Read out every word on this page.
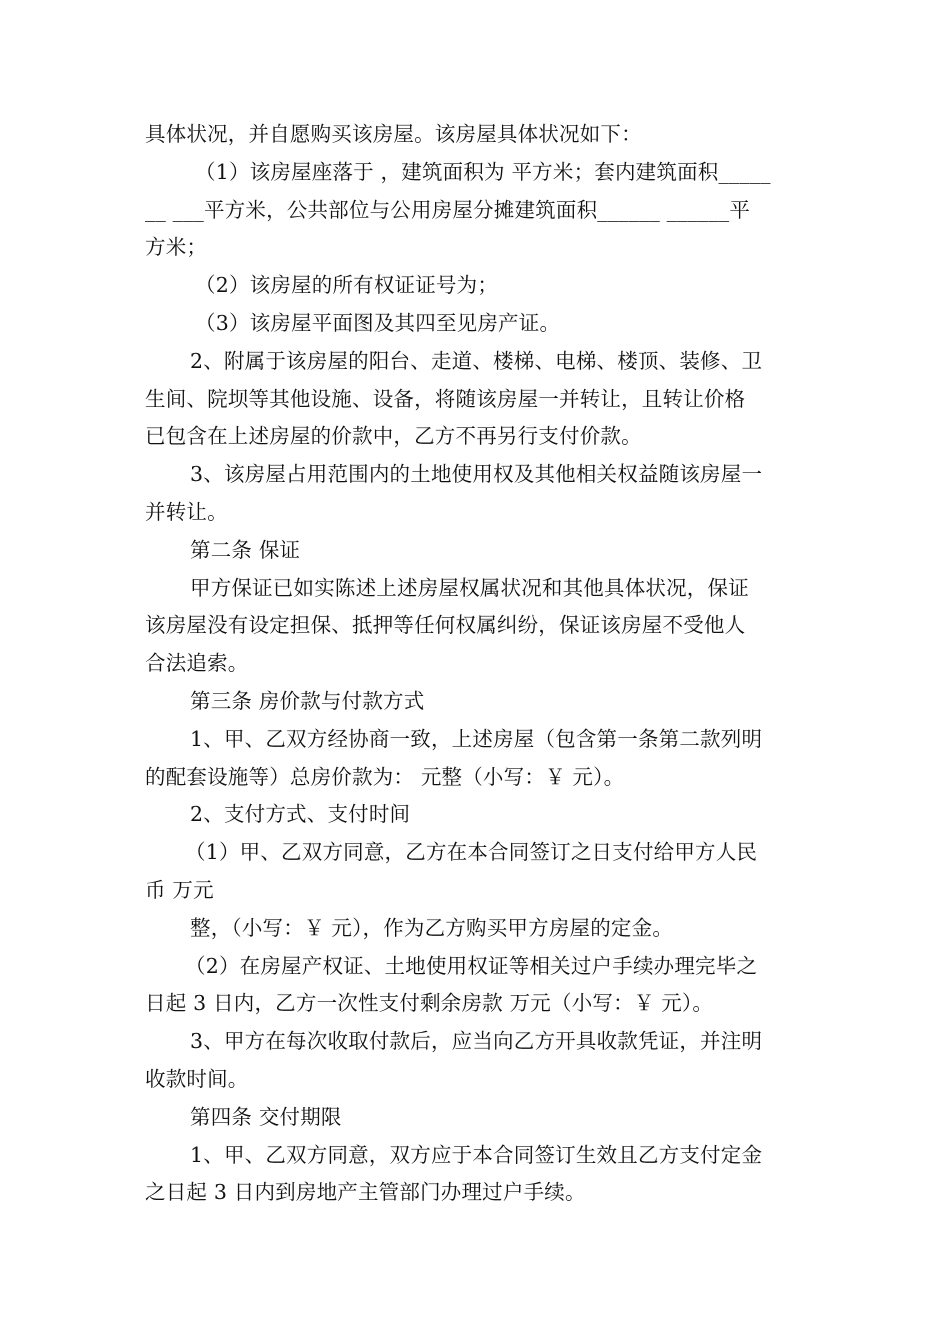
具体状况，并自愿购买该房屋。该房屋具体状况如下：
（1）该房屋座落于 ，建筑面积为 平方米；套内建筑面积_____
__ ___平方米，公共部位与公用房屋分摊建筑面积______ ______平
方米；
（2）该房屋的所有权证证号为；
（3）该房屋平面图及其四至见房产证。
2、附属于该房屋的阳台、走道、楼梯、电梯、楼顶、装修、卫
生间、院坝等其他设施、设备，将随该房屋一并转让，且转让价格
已包含在上述房屋的价款中，乙方不再另行支付价款。
3、该房屋占用范围内的土地使用权及其他相关权益随该房屋一
并转让。
第二条 保证
甲方保证已如实陈述上述房屋权属状况和其他具体状况，保证
该房屋没有设定担保、抵押等任何权属纠纷，保证该房屋不受他人
合法追索。
第三条 房价款与付款方式
1、甲、乙双方经协商一致，上述房屋（包含第一条第二款列明
的配套设施等）总房价款为： 元整（小写：￥ 元）。
2、支付方式、支付时间
（1）甲、乙双方同意，乙方在本合同签订之日支付给甲方人民
币 万元
整，（小写：￥ 元），作为乙方购买甲方房屋的定金。
（2）在房屋产权证、土地使用权证等相关过户手续办理完毕之
日起 3 日内，乙方一次性支付剩余房款 万元（小写：￥ 元）。
3、甲方在每次收取付款后，应当向乙方开具收款凭证，并注明
收款时间。
第四条 交付期限
1、甲、乙双方同意，双方应于本合同签订生效且乙方支付定金
之日起 3 日内到房地产主管部门办理过户手续。
